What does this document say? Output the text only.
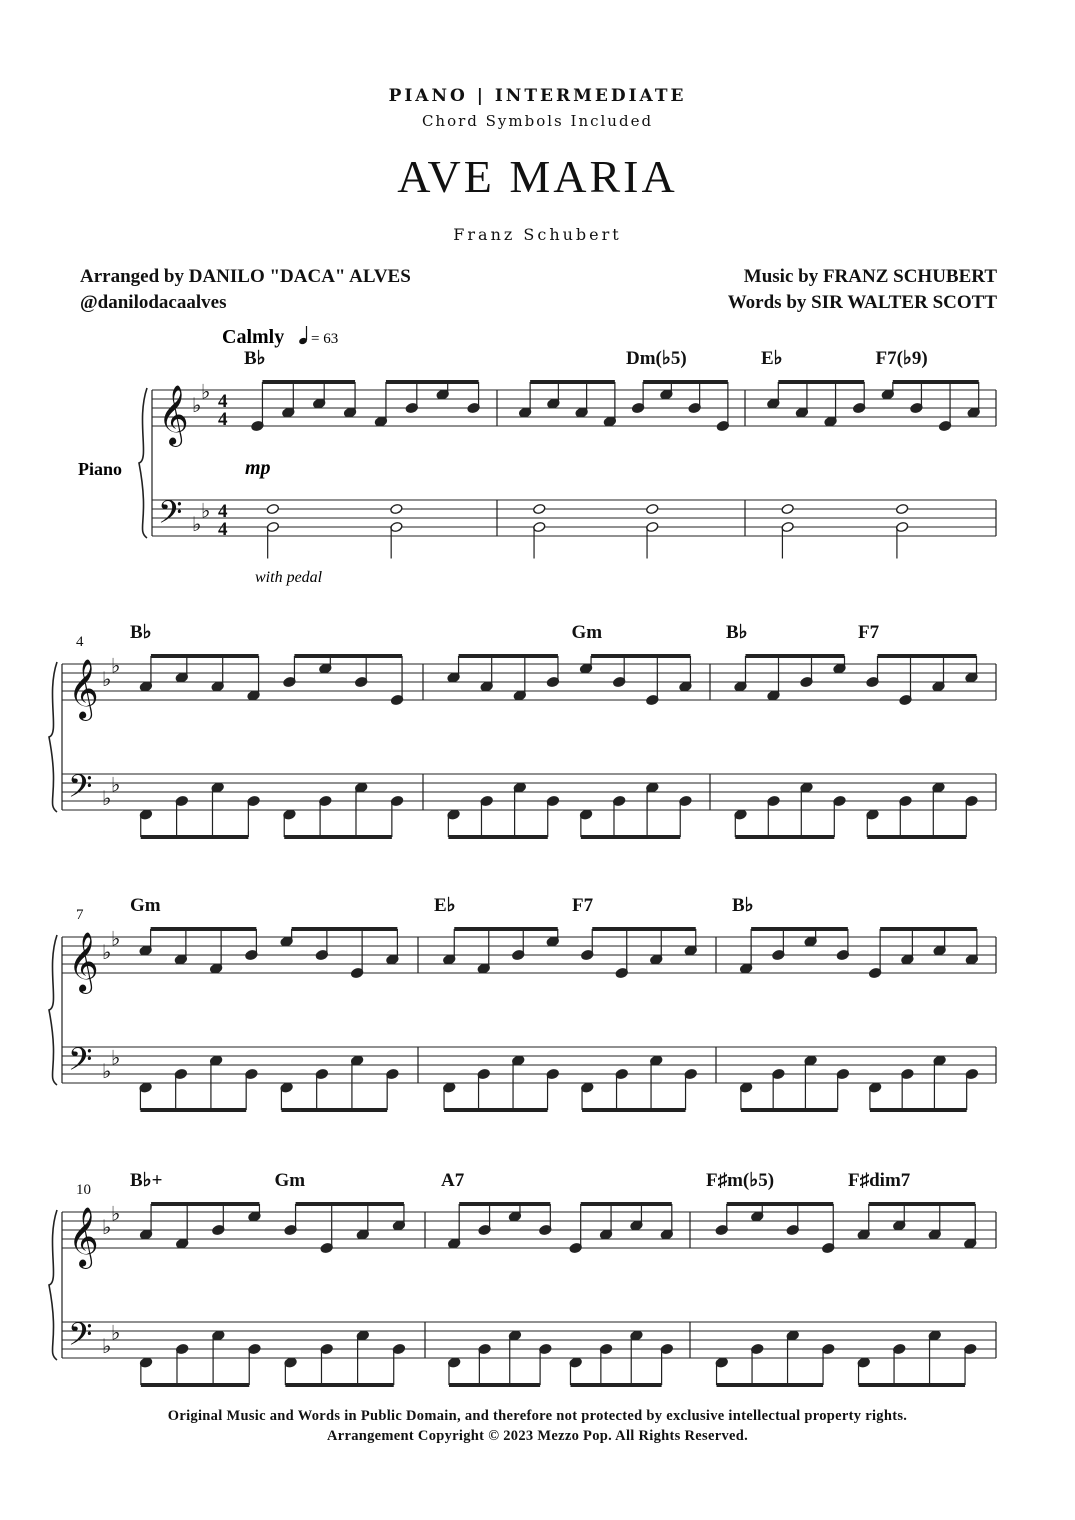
PIANO | INTERMEDIATE
Chord Symbols Included
AVE MARIA
Franz Schubert
Arranged by DANILO "DACA" ALVES
@danilodacaalves
Music by FRANZ SCHUBERT
Words by SIR WALTER SCOTT
Calmly = 63
Piano	mp
with pedal
𝄞
𝄢
♭
♭
♭
♭
4
4
4
4
B♭	Dm(♭5)	E♭	F7(♭9)
𝄞
𝄢
♭
♭
♭
♭
4 B♭	Gm	B♭	F7
𝄞
𝄢
♭
♭
♭
♭
7 Gm	E♭	F7	B♭
𝄞
𝄢
♭
♭
♭
♭
10 B♭+	Gm	A7	F♯m(♭5)	F♯dim7
Original Music and Words in Public Domain, and therefore not protected by exclusive intellectual property rights.
Arrangement Copyright © 2023 Mezzo Pop. All Rights Reserved.
